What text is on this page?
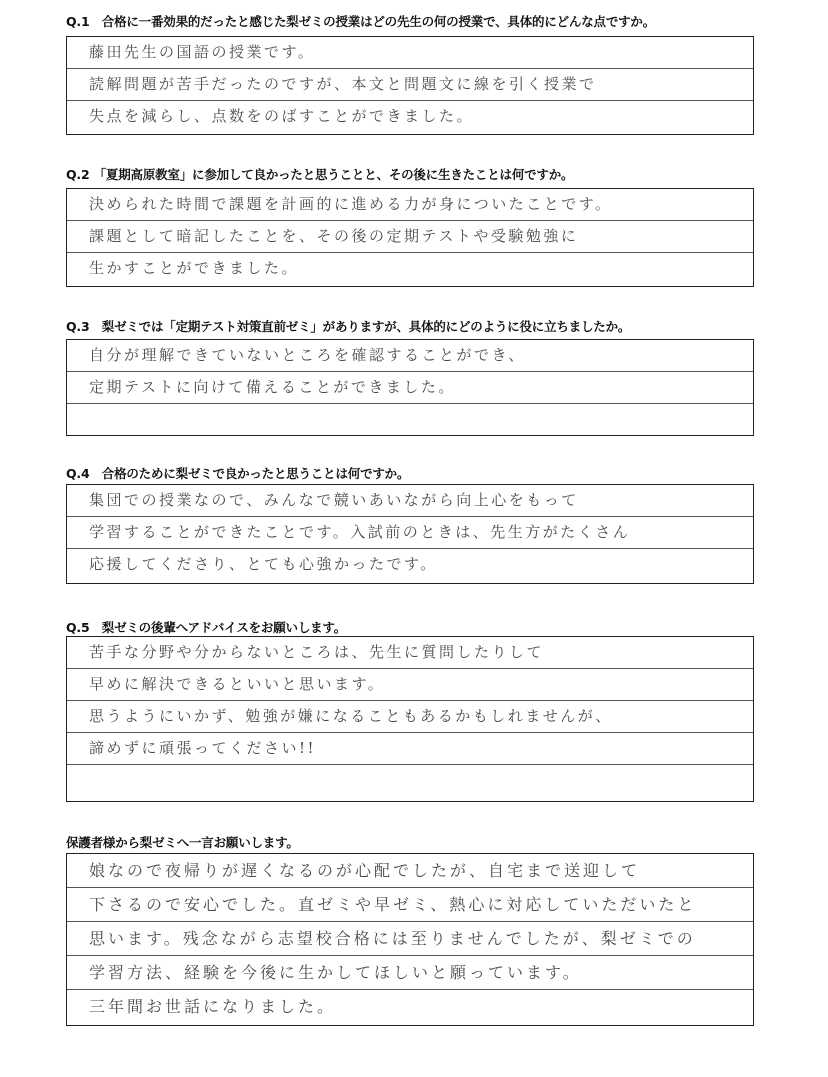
Q.1　合格に一番効果的だったと感じた梨ゼミの授業はどの先生の何の授業で、具体的にどんな点ですか。

藤田先生の国語の授業です。
読解問題が苦手だったのですが、本文と問題文に線を引く授業で
失点を減らし、点数をのばすことができました。

Q.2 「夏期高原教室」に参加して良かったと思うことと、その後に生きたことは何ですか。

決められた時間で課題を計画的に進める力が身についたことです。
課題として暗記したことを、その後の定期テストや受験勉強に
生かすことができました。

Q.3　梨ゼミでは「定期テスト対策直前ゼミ」がありますが、具体的にどのように役に立ちましたか。

自分が理解できていないところを確認することができ、
定期テストに向けて備えることができました。

Q.4　合格のために梨ゼミで良かったと思うことは何ですか。

集団での授業なので、みんなで競いあいながら向上心をもって
学習することができたことです。入試前のときは、先生方がたくさん
応援してくださり、とても心強かったです。

Q.5　梨ゼミの後輩へアドバイスをお願いします。

苦手な分野や分からないところは、先生に質問したりして
早めに解決できるといいと思います。
思うようにいかず、勉強が嫌になることもあるかもしれませんが、
諦めずに頑張ってください!!

保護者様から梨ゼミへ一言お願いします。

娘なので夜帰りが遅くなるのが心配でしたが、自宅まで送迎して
下さるので安心でした。直ゼミや早ゼミ、熱心に対応していただいたと
思います。残念ながら志望校合格には至りませんでしたが、梨ゼミでの
学習方法、経験を今後に生かしてほしいと願っています。
三年間お世話になりました。
